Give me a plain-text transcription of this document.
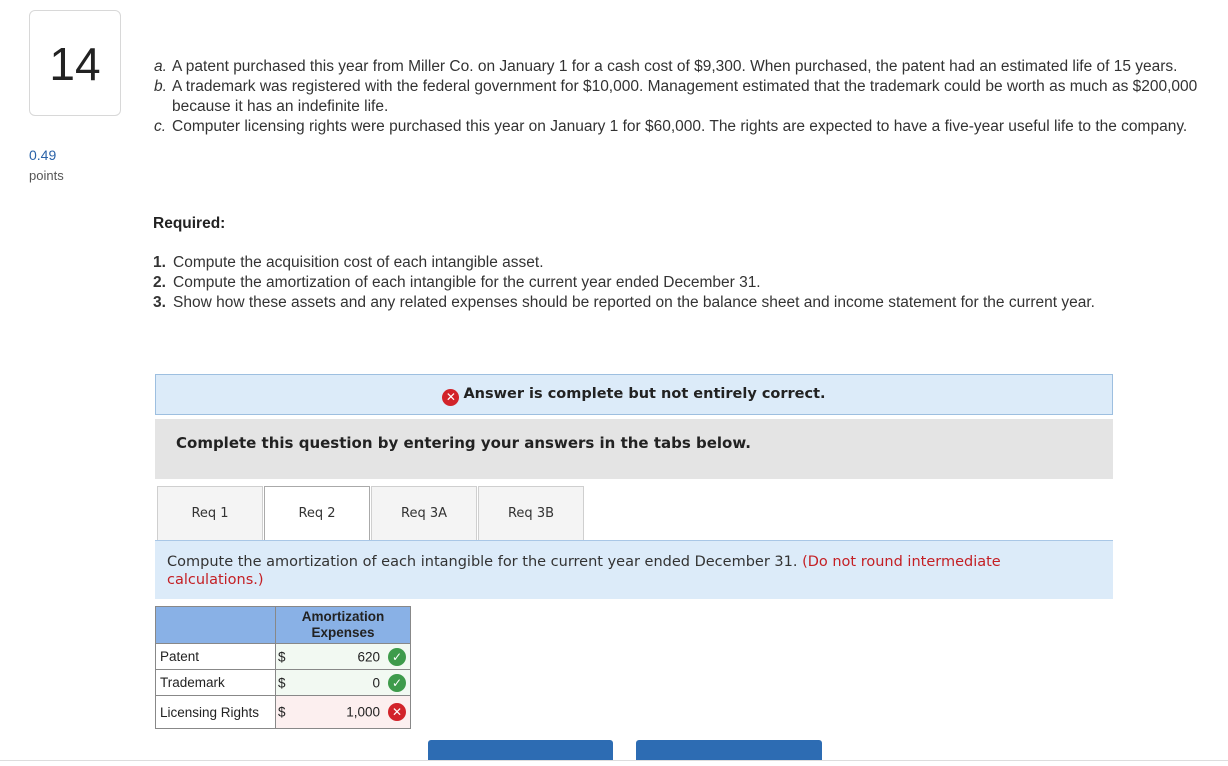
14
0.49
points
a. A patent purchased this year from Miller Co. on January 1 for a cash cost of $9,300. When purchased, the patent had an estimated life of 15 years.
b. A trademark was registered with the federal government for $10,000. Management estimated that the trademark could be worth as much as $200,000 because it has an indefinite life.
c. Computer licensing rights were purchased this year on January 1 for $60,000. The rights are expected to have a five-year useful life to the company.
Required:
1. Compute the acquisition cost of each intangible asset.
2. Compute the amortization of each intangible for the current year ended December 31.
3. Show how these assets and any related expenses should be reported on the balance sheet and income statement for the current year.
✕ Answer is complete but not entirely correct.
Complete this question by entering your answers in the tabs below.
Req 1	Req 2	Req 3A	Req 3B
Compute the amortization of each intangible for the current year ended December 31. (Do not round intermediate calculations.)
	Amortization Expenses
Patent	$ 620 ✓

Trademark	$ 0 ✓

Licensing Rights	$ 1,000 ✕
